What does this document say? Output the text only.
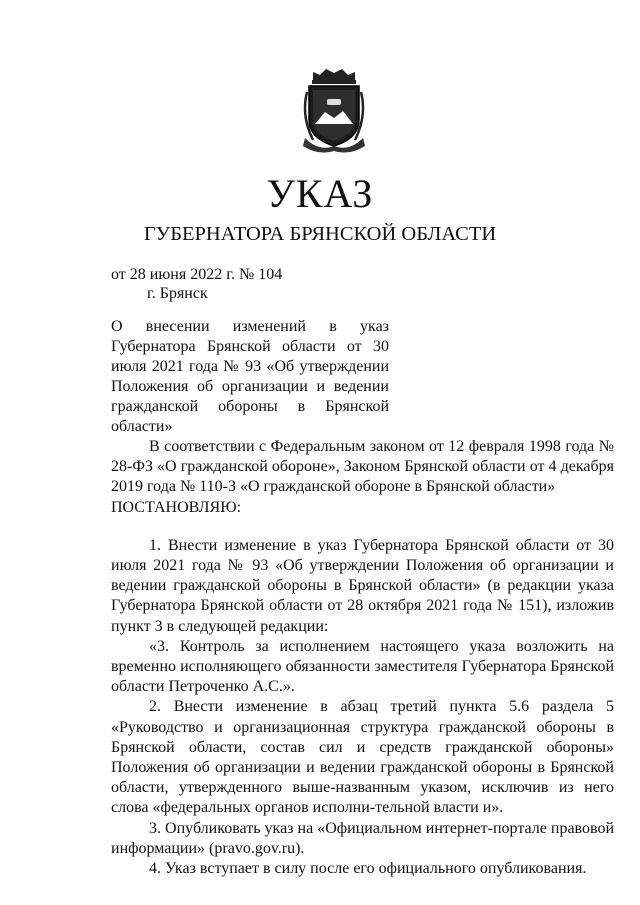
УКАЗ
ГУБЕРНАТОРА БРЯНСКОЙ ОБЛАСТИ
от 28 июня 2022 г. № 104
г. Брянск
О внесении изменений в указ Губернатора Брянской области от 30 июля 2021 года № 93 «Об утверждении Положения об организации и ведении гражданской обороны в Брянской области»

В соответствии с Федеральным законом от 12 февраля 1998 года № 28-ФЗ «О гражданской обороне», Законом Брянской области от 4 декабря 2019 года № 110-З «О гражданской обороне в Брянской области»

ПОСТАНОВЛЯЮ:

1. Внести изменение в указ Губернатора Брянской области от 30 июля 2021 года № 93 «Об утверждении Положения об организации и ведении гражданской обороны в Брянской области» (в редакции указа Губернатора Брянской области от 28 октября 2021 года № 151), изложив пункт 3 в следующей редакции:

«3. Контроль за исполнением настоящего указа возложить на временно исполняющего обязанности заместителя Губернатора Брянской области Петроченко А.С.».

2. Внести изменение в абзац третий пункта 5.6 раздела 5 «Руководство и организационная структура гражданской обороны в Брянской области, состав сил и средств гражданской обороны» Положения об организации и ведении гражданской обороны в Брянской области, утвержденного выше-названным указом, исключив из него слова «федеральных органов исполни-тельной власти и».

3. Опубликовать указ на «Официальном интернет-портале правовой информации» (pravo.gov.ru).

4. Указ вступает в силу после его официального опубликования.
